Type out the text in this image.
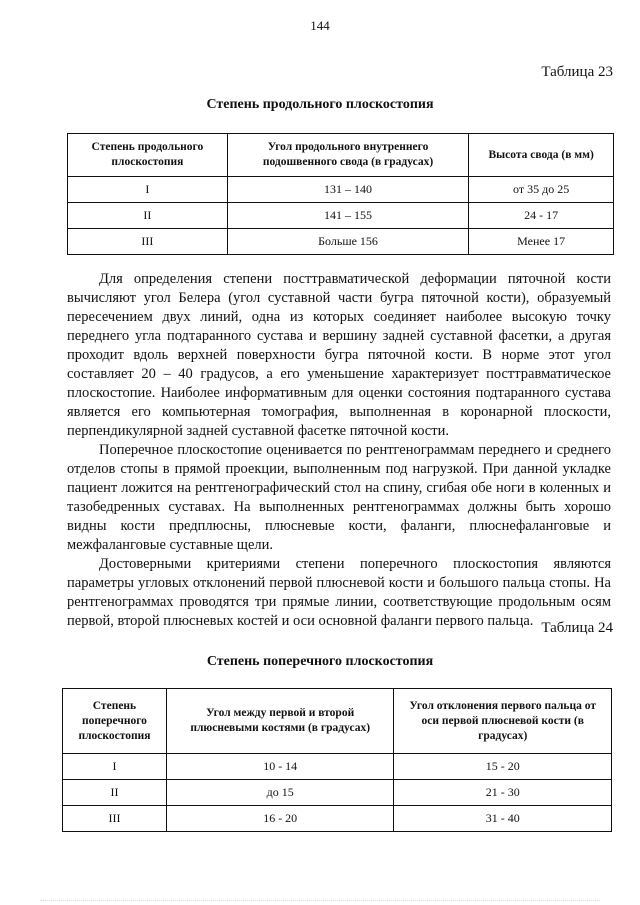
144
Таблица 23
Степень продольного плоскостопия
Степень продольного плоскостопия	Угол продольного внутреннего подошвенного свода (в градусах)	Высота свода (в мм)
I	131 – 140	от 35 до 25
II	141 – 155	24 - 17
III	Больше 156	Менее 17

Для определения степени посттравматической деформации пяточной кости вычисляют угол Белера (угол суставной части бугра пяточной кости), образуемый пересечением двух линий, одна из которых соединяет наиболее высокую точку переднего угла подтаранного сустава и вершину задней суставной фасетки, а другая проходит вдоль верхней поверхности бугра пяточной кости. В норме этот угол составляет 20 – 40 градусов, а его уменьшение характеризует посттравматическое плоскостопие. Наиболее информативным для оценки состояния подтаранного сустава является его компьютерная томография, выполненная в коронарной плоскости, перпендикулярной задней суставной фасетке пяточной кости.

Поперечное плоскостопие оценивается по рентгенограммам переднего и среднего отделов стопы в прямой проекции, выполненным под нагрузкой. При данной укладке пациент ложится на рентгенографический стол на спину, сгибая обе ноги в коленных и тазобедренных суставах. На выполненных рентгенограммах должны быть хорошо видны кости предплюсны, плюсневые кости, фаланги, плюснефаланговые и межфаланговые суставные щели.

Достоверными критериями степени поперечного плоскостопия являются параметры угловых отклонений первой плюсневой кости и большого пальца стопы. На рентгенограммах проводятся три прямые линии, соответствующие продольным осям первой, второй плюсневых костей и оси основной фаланги первого пальца. Таблица 24
Степень поперечного плоскостопия
Степень поперечного плоскостопия	Угол между первой и второй плюсневыми костями (в градусах)	Угол отклонения первого пальца от оси первой плюсневой кости (в градусах)
I	10 - 14	15 - 20
II	до 15	21 - 30
III	16 - 20	31 - 40
